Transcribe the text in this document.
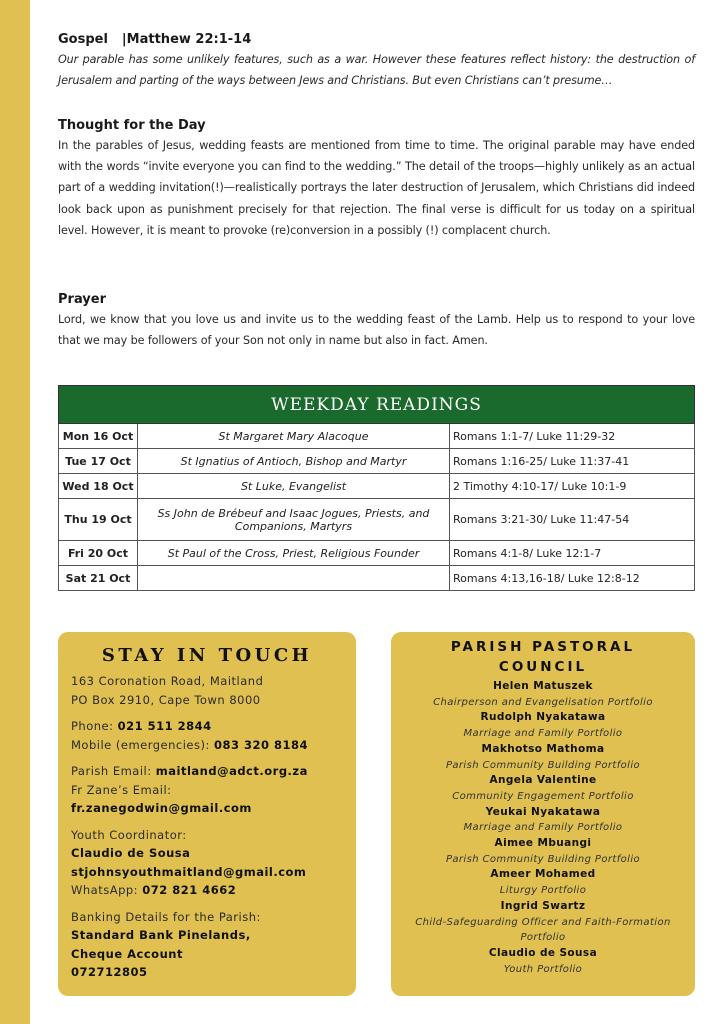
Gospel |Matthew 22:1-14
Our parable has some unlikely features, such as a war. However these features reflect history: the destruction of Jerusalem and parting of the ways between Jews and Christians. But even Christians can’t presume…
Thought for the Day

In the parables of Jesus, wedding feasts are mentioned from time to time. The original parable may have ended with the words “invite everyone you can find to the wedding.” The detail of the troops—highly unlikely as an actual part of a wedding invitation(!)—realistically portrays the later destruction of Jerusalem, which Christians did indeed look back upon as punishment precisely for that rejection. The final verse is difficult for us today on a spiritual level. However, it is meant to provoke (re)conversion in a possibly (!) complacent church.

Prayer

Lord, we know that you love us and invite us to the wedding feast of the Lamb. Help us to respond to your love that we may be followers of your Son not only in name but also in fact. Amen.

WEEKDAY READINGS		
Mon 16 Oct	St Margaret Mary Alacoque	Romans 1:1-7/ Luke 11:29-32
Tue 17 Oct	St Ignatius of Antioch, Bishop and Martyr	Romans 1:16-25/ Luke 11:37-41
Wed 18 Oct	St Luke, Evangelist	2 Timothy 4:10-17/ Luke 10:1-9
Thu 19 Oct	Ss John de Brébeuf and Isaac Jogues, Priests, and Companions, Martyrs	Romans 3:21-30/ Luke 11:47-54
Fri 20 Oct	St Paul of the Cross, Priest, Religious Founder	Romans 4:1-8/ Luke 12:1-7
Sat 21 Oct		Romans 4:13,16-18/ Luke 12:8-12
STAY IN TOUCH
163 Coronation Road, Maitland
PO Box 2910, Cape Town 8000
Phone: 021 511 2844
Mobile (emergencies): 083 320 8184
Parish Email: maitland@adct.org.za
Fr Zane’s Email:
fr.zanegodwin@gmail.com
Youth Coordinator:
Claudio de Sousa
stjohnsyouthmaitland@gmail.com
WhatsApp: 072 821 4662
Banking Details for the Parish:
Standard Bank Pinelands,
Cheque Account
072712805
PARISH PASTORAL COUNCIL
Helen Matuszek
Chairperson and Evangelisation Portfolio
Rudolph Nyakatawa
Marriage and Family Portfolio
Makhotso Mathoma
Parish Community Building Portfolio
Angela Valentine
Community Engagement Portfolio
Yeukai Nyakatawa
Marriage and Family Portfolio
Aimee Mbuangi
Parish Community Building Portfolio
Ameer Mohamed
Liturgy Portfolio
Ingrid Swartz
Child-Safeguarding Officer and Faith-Formation Portfolio
Claudio de Sousa
Youth Portfolio
